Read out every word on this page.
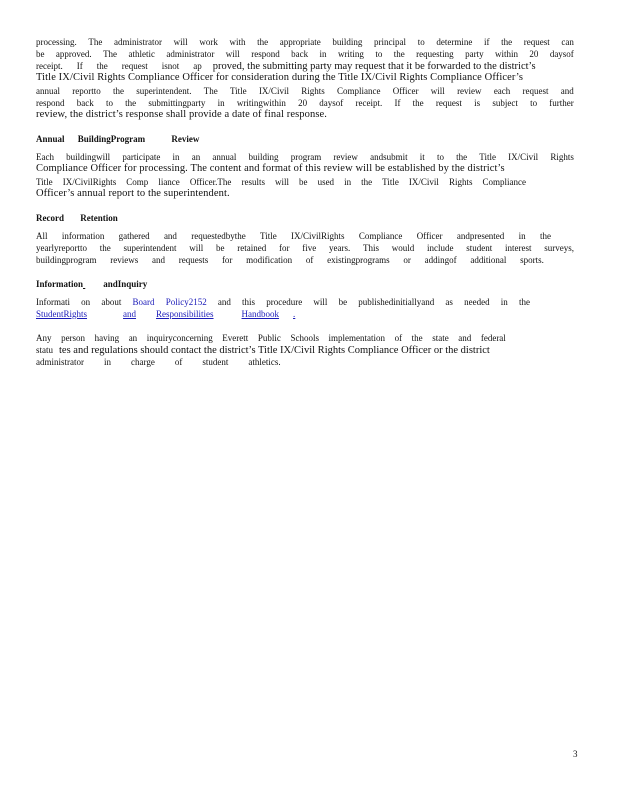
processing. The administrator will work with the appropriate building principal to determine if the request can
be approved. The athletic administrator will respond back in writing to the requesting party within 20 daysof
receipt. If the request isnot ap	proved, the submitting party may request that it be forwarded to the district’s
Title IX/Civil Rights Compliance Officer for consideration during the Title IX/Civil Rights Compliance Officer’s
annual reportto the superintendent. The Title IX/Civil Rights Compliance Officer will review each request and
respond back to the submittingparty in writingwithin 20 daysof receipt. If the request is subject to further
review, the district’s response shall provide a date of final response.
Annual BuildingProgram	Review
Each buildingwill participate in an annual building program review andsubmit it to the Title IX/Civil Rights
Compliance Officer for processing. The content and format of this review will be established by the district’s
Title IX/CivilRights Comp liance Officer.The results will be used in the Title IX/Civil Rights Compliance
Officer’s annual report to the superintendent.
Record Retention
All information gathered and requestedbythe Title IX/CivilRights Compliance Officer andpresented in the
yearlyreportto the superintendent will be retained for five years. This would include student interest surveys,
buildingprogram reviews and requests for modification of existingprograms or addingof additional sports.
Information andInquiry
Informati on about Board Policy2152 and this procedure will be publishedinitiallyand as needed in the
StudentRights	and	Responsibilities	Handbook	.
Any person having an inquiryconcerning Everett Public Schools implementation of the state and federal
statu tes and regulations should contact the district’s Title IX/Civil Rights Compliance Officer or the district
administrator in charge of student athletics.
3
